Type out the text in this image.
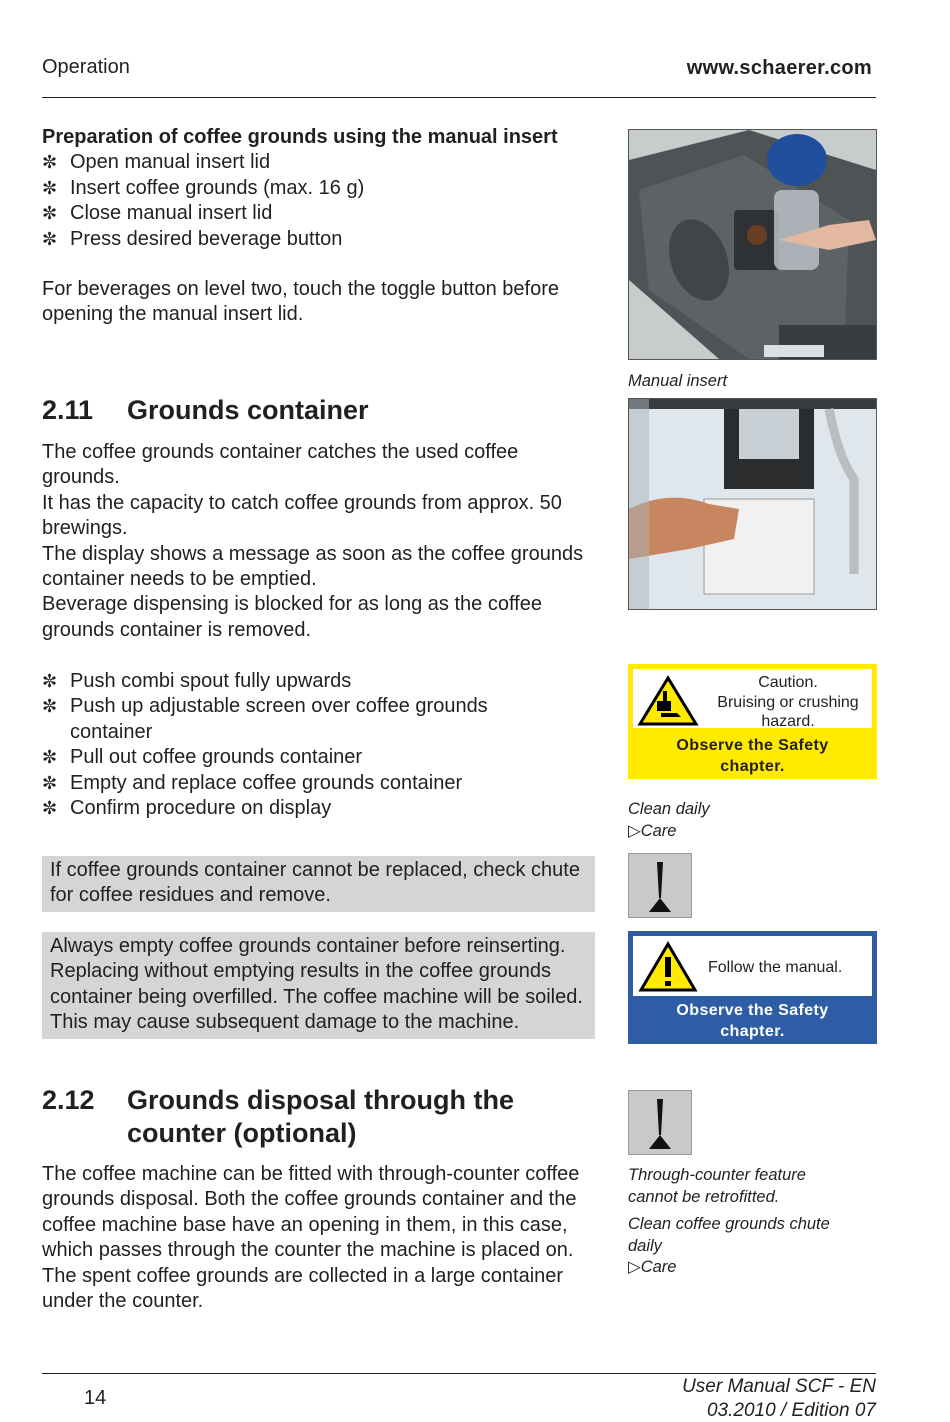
Operation	www.schaerer.com
Preparation of coffee grounds using the manual insert
✼ Open manual insert lid
✼ Insert coffee grounds (max. 16 g)
✼ Close manual insert lid
✼ Press desired beverage button
For beverages on level two, touch the toggle button before opening the manual insert lid.
2.11 Grounds container
The coffee grounds container catches the used coffee grounds.
It has the capacity to catch coffee grounds from approx. 50 brewings.
The display shows a message as soon as the coffee grounds container needs to be emptied.
Beverage dispensing is blocked for as long as the coffee grounds container is removed.
✼ Push combi spout fully upwards
✼ Push up adjustable screen over coffee grounds container
✼ Pull out coffee grounds container
✼ Empty and replace coffee grounds container
✼ Confirm procedure on display
If coffee grounds container cannot be replaced, check chute for coffee residues and remove.
Always empty coffee grounds container before reinserting. Replacing without emptying results in the coffee grounds container being overfilled. The coffee machine will be soiled. This may cause subsequent damage to the machine.
2.12 Grounds disposal through the counter (optional)
The coffee machine can be fitted with through-counter coffee grounds disposal. Both the coffee grounds container and the coffee machine base have an opening in them, in this case, which passes through the counter the machine is placed on. The spent coffee grounds are collected in a large container under the counter.
Manual insert
Caution.
Bruising or crushing
hazard.
Observe the Safety
chapter.
Clean daily
▷Care
Follow the manual.
Observe the Safety
chapter.
Through-counter feature
cannot be retrofitted.
Clean coffee grounds chute
daily
▷Care
14
User Manual SCF - EN
03.2010 / Edition 07
